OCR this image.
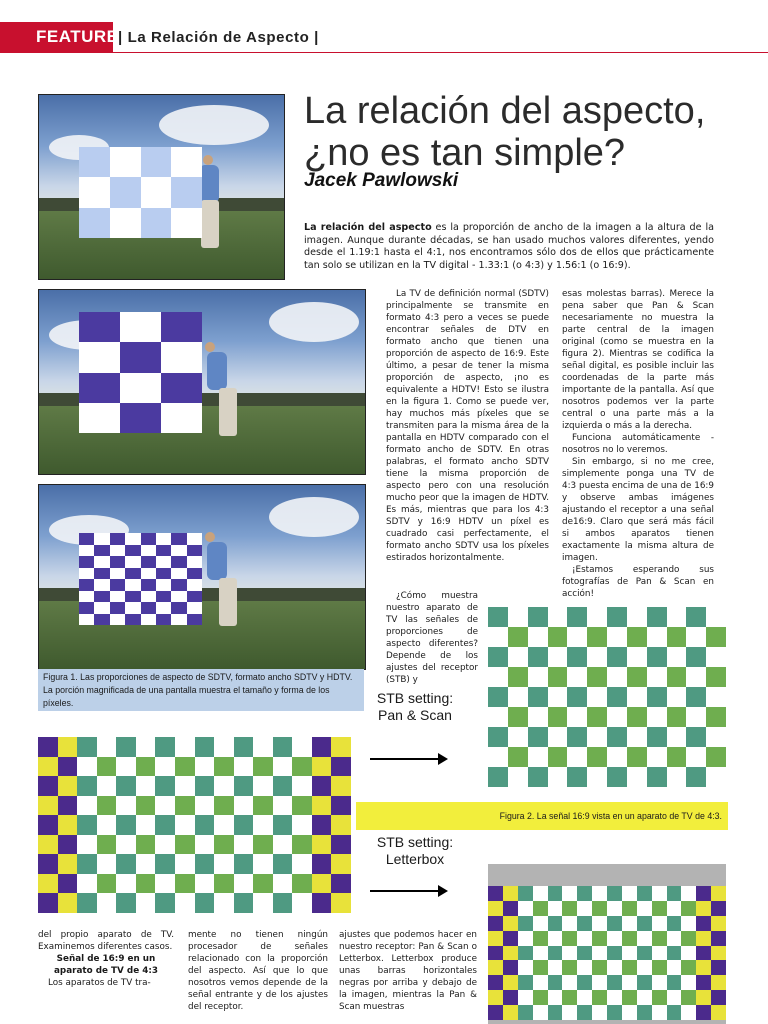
FEATURE | La Relación de Aspecto |
Figura 1. Las proporciones de aspecto de SDTV, formato ancho SDTV y HDTV. La porción magnificada de una pantalla muestra el tamaño y forma de los píxeles.
La relación del aspecto, ¿no es tan simple?
Jacek Pawlowski
La relación del aspecto es la proporción de ancho de la imagen a la altura de la imagen. Aunque durante décadas, se han usado muchos valores diferentes, yendo desde el 1.19:1 hasta el 4:1, nos encontramos sólo dos de ellos que prácticamente tan solo se utilizan en la TV digital - 1.33:1 (o 4:3) y 1.56:1 (o 16:9).

La TV de definición normal (SDTV) principalmente se transmite en formato 4:3 pero a veces se puede encontrar señales de DTV en formato ancho que tienen una proporción de aspecto de 16:9. Este último, a pesar de tener la misma proporción de aspecto, ¡no es equivalente a HDTV! Esto se ilustra en la figura 1. Como se puede ver, hay muchos más píxeles que se transmiten para la misma área de la pantalla en HDTV comparado con el formato ancho de SDTV. En otras palabras, el formato ancho SDTV tiene la misma proporción de aspecto pero con una resolución mucho peor que la imagen de HDTV. Es más, mientras que para los 4:3 SDTV y 16:9 HDTV un píxel es cuadrado casi perfectamente, el formato ancho SDTV usa los píxeles estirados horizontalmente.

¿Cómo muestra nuestro aparato de TV las señales de proporciones de aspecto diferentes? Depende de los ajustes del receptor (STB) y

esas molestas barras). Merece la pena saber que Pan & Scan necesariamente no muestra la parte central de la imagen original (como se muestra en la figura 2). Mientras se codifica la señal digital, es posible incluir las coordenadas de la parte más importante de la pantalla. Así que nosotros podemos ver la parte central o una parte más a la izquierda o más a la derecha.

Funciona automáticamente - nosotros no lo veremos.

Sin embargo, si no me cree, simplemente ponga una TV de 4:3 puesta encima de una de 16:9 y observe ambas imágenes ajustando el receptor a una señal de16:9. Claro que será más fácil si ambos aparatos tienen exactamente la misma altura de imagen.

¡Estamos esperando sus fotografías de Pan & Scan en acción!

STB setting: Pan & Scan
Figura 2. La señal 16:9 vista en un aparato de TV de 4:3.
STB setting: Letterbox

del propio aparato de TV. Examinemos diferentes casos.

Señal de 16:9 en un aparato de TV de 4:3

Los aparatos de TV tra-

mente no tienen ningún procesador de señales relacionado con la proporción del aspecto. Así que lo que nosotros vemos depende de la señal entrante y de los ajustes del receptor.

ajustes que podemos hacer en nuestro receptor: Pan & Scan o Letterbox. Letterbox produce unas barras horizontales negras por arriba y debajo de la imagen, mientras la Pan & Scan muestras
